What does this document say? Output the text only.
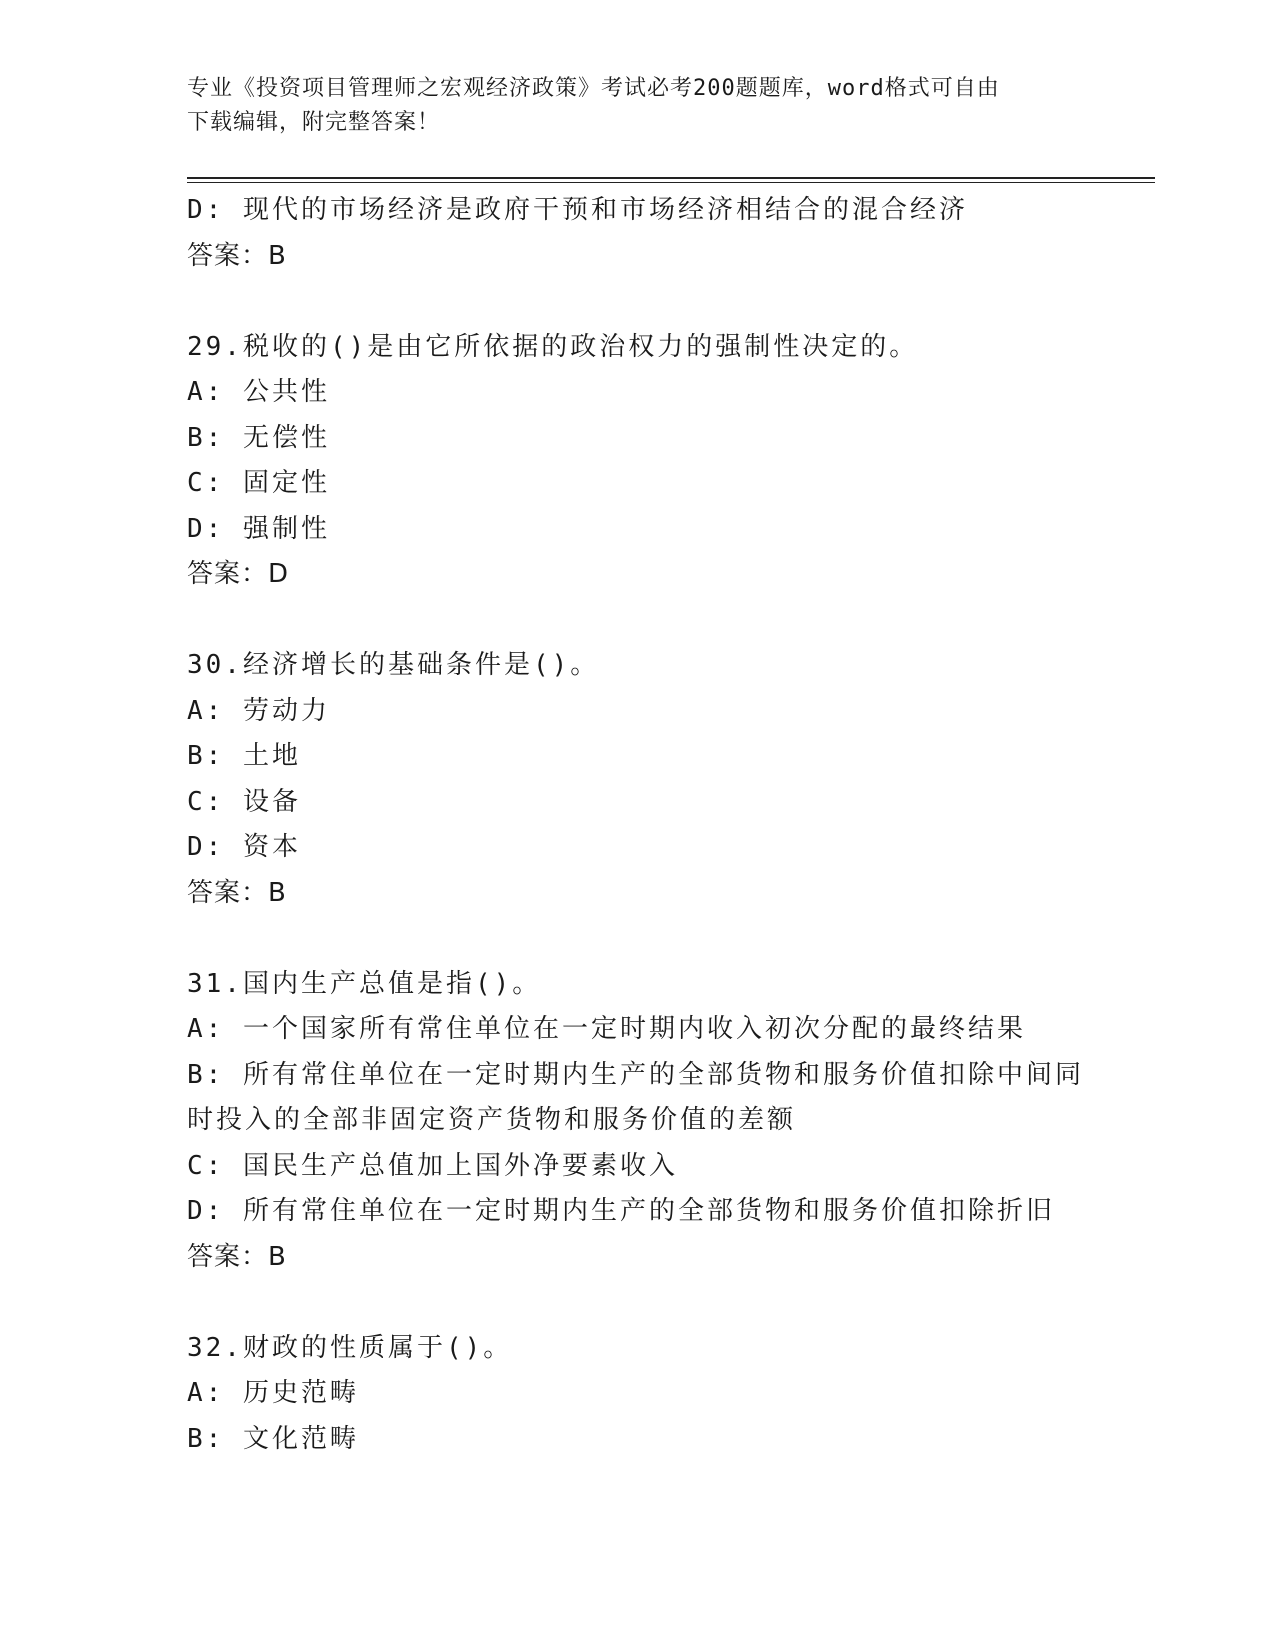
专业《投资项目管理师之宏观经济政策》考试必考200题题库，word格式可自由
下载编辑，附完整答案！
D: 现代的市场经济是政府干预和市场经济相结合的混合经济
答案：B
29.税收的()是由它所依据的政治权力的强制性决定的。
A: 公共性
B: 无偿性
C: 固定性
D: 强制性
答案：D
30.经济增长的基础条件是()。
A: 劳动力
B: 土地
C: 设备
D: 资本
答案：B
31.国内生产总值是指()。
A: 一个国家所有常住单位在一定时期内收入初次分配的最终结果
B: 所有常住单位在一定时期内生产的全部货物和服务价值扣除中间同
时投入的全部非固定资产货物和服务价值的差额
C: 国民生产总值加上国外净要素收入
D: 所有常住单位在一定时期内生产的全部货物和服务价值扣除折旧
答案：B
32.财政的性质属于()。
A: 历史范畴
B: 文化范畴
